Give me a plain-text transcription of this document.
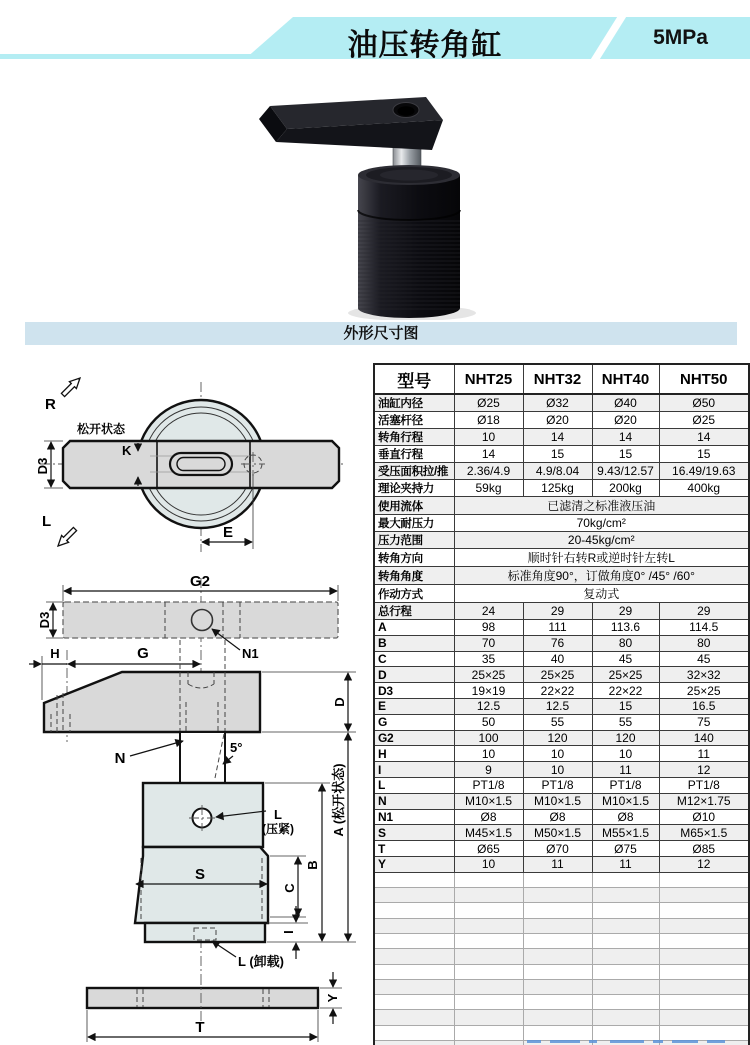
油压转角缸	5MPa
外形尺寸图
D3
K
E
R
L
松开状态
G2
D3
N1
H	G
5°
N
D
A (松开状态)
L
(压紧)
S
L (卸载)
B
C
I
T
Y
型号	NHT25	NHT32	NHT40	NHT50
油缸内径	Ø25	Ø32	Ø40	Ø50
活塞杆径	Ø18	Ø20	Ø20	Ø25
转角行程	10	14	14	14
垂直行程	14	15	15	15
受压面积拉/推	2.36/4.9	4.9/8.04	9.43/12.57	16.49/19.63
理论夹持力	59kg	125kg	200kg	400kg
使用流体	已滤清之标准液压油			
最大耐压力	70kg/cm²			
压力范围	20-45kg/cm²			
转角方向	顺时针右转R或逆时针左转L			
转角角度	标准角度90°，订做角度0° /45° /60°			
作动方式	复动式			
总行程	24	29	29	29
A	98	111	113.6	114.5
B	70	76	80	80
C	35	40	45	45
D	25×25	25×25	25×25	32×32
D3	19×19	22×22	22×22	25×25
E	12.5	12.5	15	16.5
G	50	55	55	75
G2	100	120	120	140
H	10	10	10	11
I	9	10	11	12
L	PT1/8	PT1/8	PT1/8	PT1/8
N	M10×1.5	M10×1.5	M10×1.5	M12×1.75
N1	Ø8	Ø8	Ø8	Ø10
S	M45×1.5	M50×1.5	M55×1.5	M65×1.5
T	Ø65	Ø70	Ø75	Ø85
Y	10	11	11	12
